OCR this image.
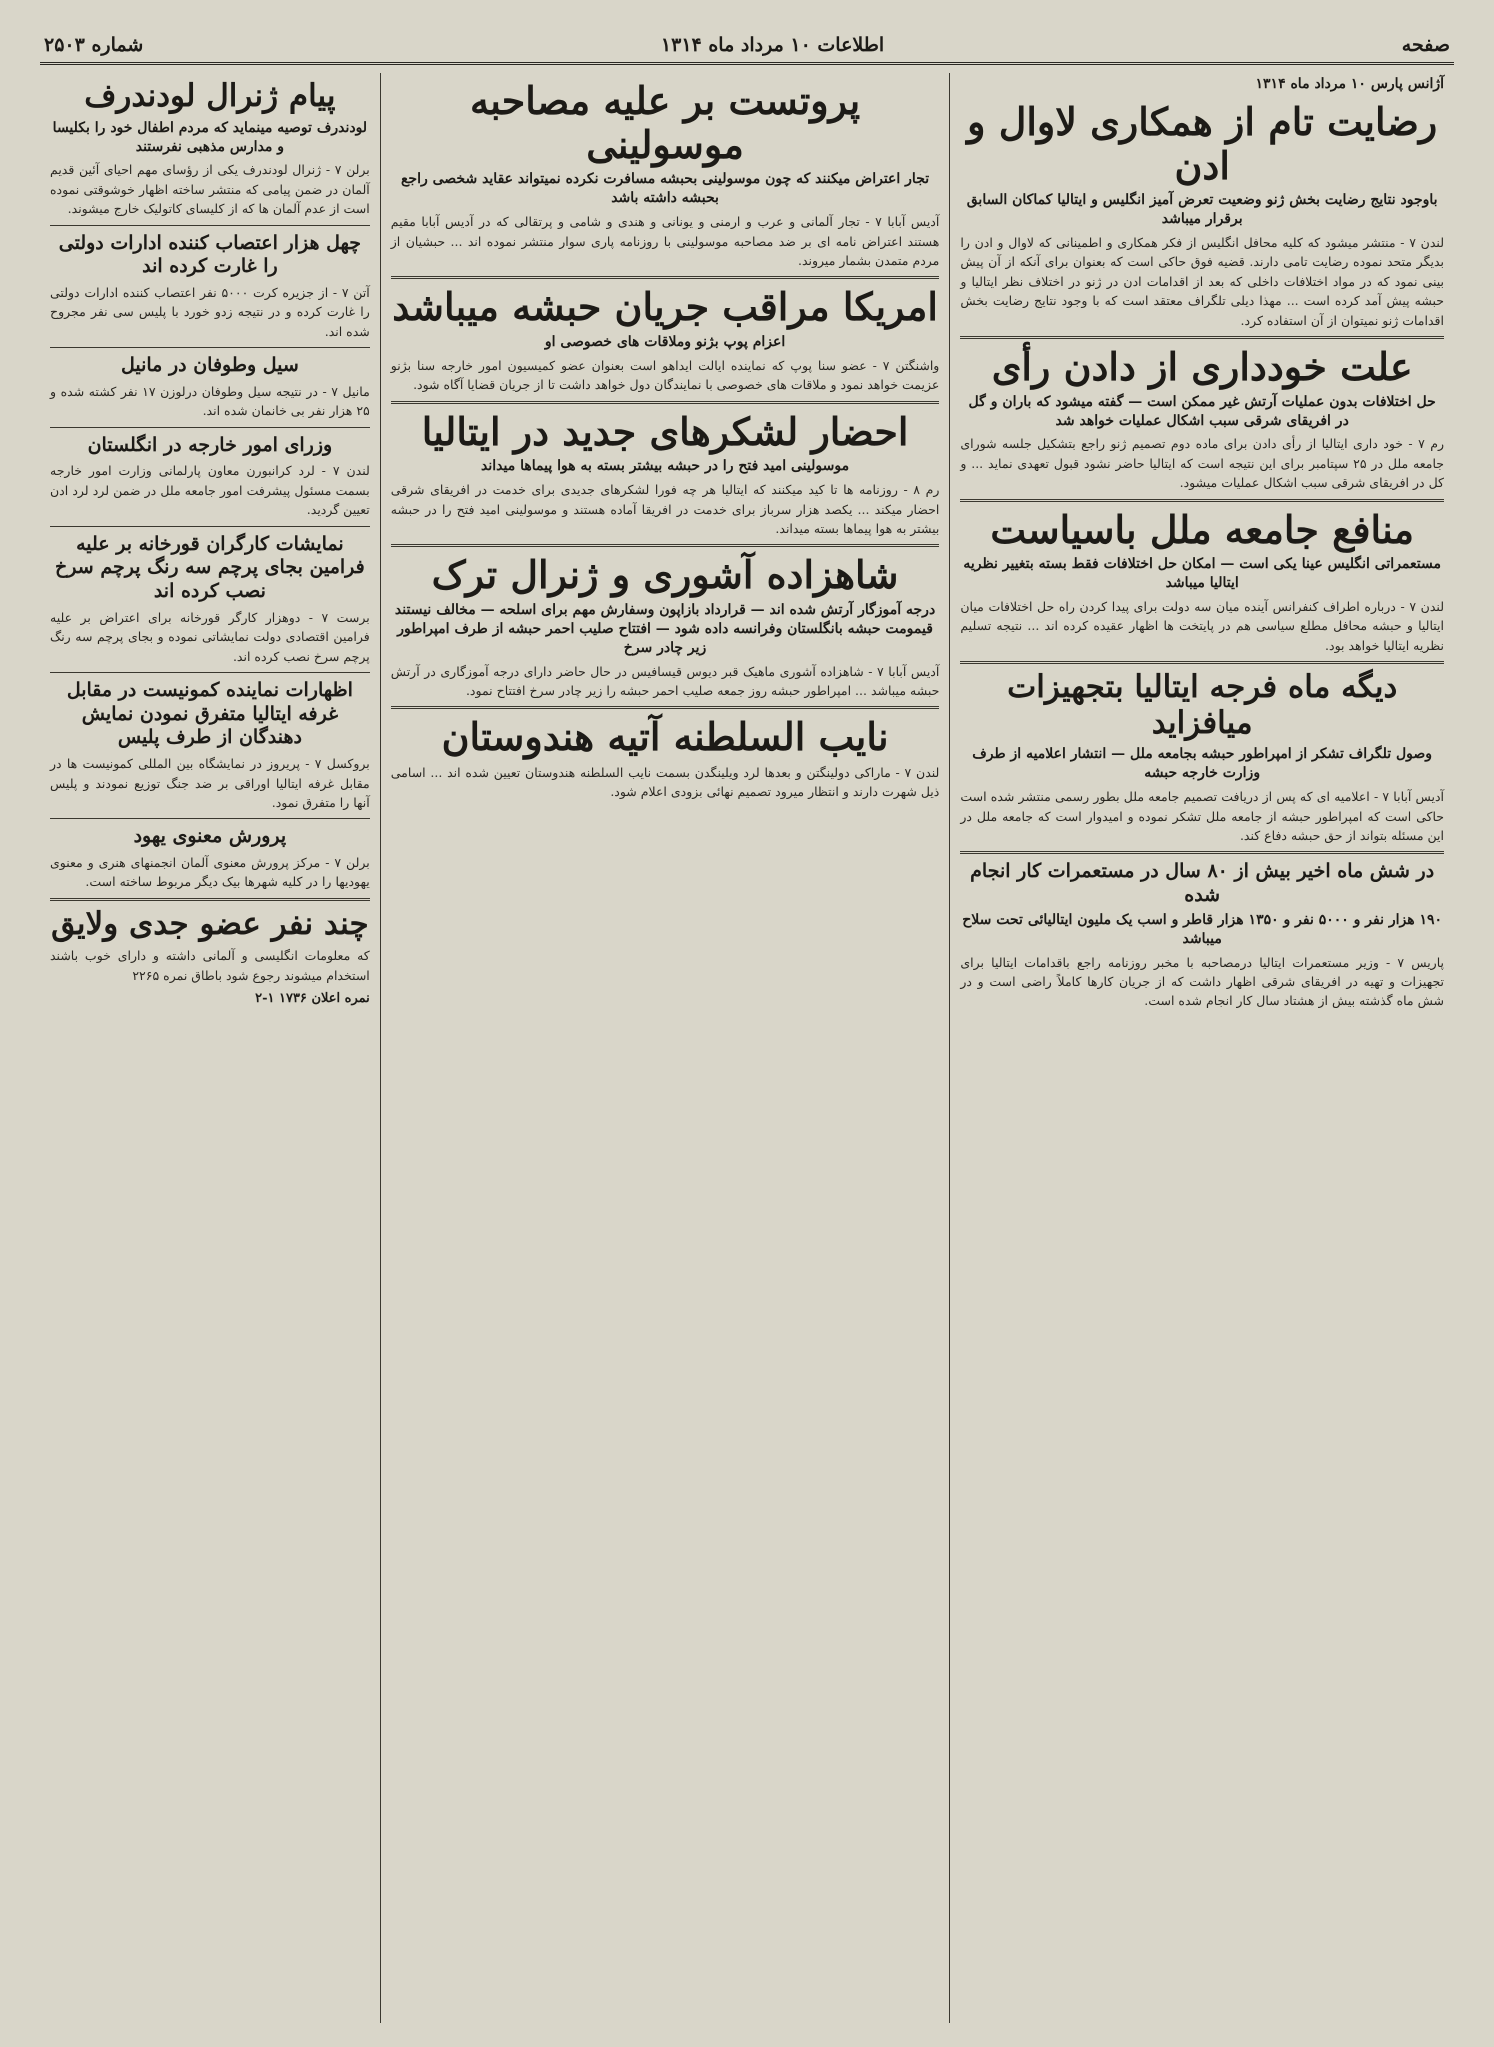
صفحه
اطلاعات ۱۰ مرداد ماه ۱۳۱۴
شماره ۲۵۰۳
آژانس پارس ۱۰ مرداد ماه ۱۳۱۴
رضایت تام از همکاری لاوال و ادن
باوجود نتایج رضایت بخش ژنو وضعیت تعرض آمیز انگلیس و ایتالیا کماکان السابق برقرار میباشد
لندن ۷ - منتشر میشود که کلیه محافل انگلیس از فکر همکاری و اطمینانی که لاوال و ادن را بدیگر متحد نموده رضایت تامی دارند. قضیه فوق حاکی است که بعنوان برای آنکه از آن پیش بینی نمود که در مواد اختلافات داخلی که بعد از اقدامات ادن در ژنو در اختلاف نظر ایتالیا و حبشه پیش آمد کرده است ... مهذا دیلی تلگراف معتقد است که با وجود نتایج رضایت بخش اقدامات ژنو نمیتوان از آن استفاده کرد.
علت خودداری از دادن رأی
حل اختلافات بدون عملیات آرتش غیر ممکن است — گفته میشود که باران و گل در افریقای شرقی سبب اشکال عملیات خواهد شد
رم ۷ - خود داری ایتالیا از رأی دادن برای ماده دوم تصمیم ژنو راجع بتشکیل جلسه شورای جامعه ملل در ۲۵ سپتامبر برای این نتیجه است که ایتالیا حاضر نشود قبول تعهدی نماید ... و کل در افریقای شرقی سبب اشکال عملیات میشود.
منافع جامعه ملل باسیاست
مستعمراتی انگلیس عینا یکی است — امکان حل اختلافات فقط بسته بتغییر نظریه ایتالیا میباشد
لندن ۷ - درباره اطراف کنفرانس آینده میان سه دولت برای پیدا کردن راه حل اختلافات میان ایتالیا و حبشه محافل مطلع سیاسی هم در پایتخت ها اظهار عقیده کرده اند ... نتیجه تسلیم نظریه ایتالیا خواهد بود.
دیگه ماه فرجه ایتالیا بتجهیزات میافزاید
وصول تلگراف تشکر از امپراطور حبشه بجامعه ملل — انتشار اعلامیه از طرف وزارت خارجه حبشه
آدیس آبابا ۷ - اعلامیه ای که پس از دریافت تصمیم جامعه ملل بطور رسمی منتشر شده است حاکی است که امپراطور حبشه از جامعه ملل تشکر نموده و امیدوار است که جامعه ملل در این مسئله بتواند از حق حبشه دفاع کند.
در شش ماه اخیر بیش از ۸۰ سال در مستعمرات کار انجام شده
۱۹۰ هزار نفر و ۵۰۰۰ نفر و ۱۳۵۰ هزار قاطر و اسب یک ملیون ایتالیائی تحت سلاح میباشد
پاریس ۷ - وزیر مستعمرات ایتالیا درمصاحبه با مخبر روزنامه راجع باقدامات ایتالیا برای تجهیزات و تهیه در افریقای شرقی اظهار داشت که از جریان کارها کاملاً راضی است و در شش ماه گذشته بیش از هشتاد سال کار انجام شده است.
پروتست بر علیه مصاحبه موسولینی
تجار اعتراض میکنند که چون موسولینی بحبشه مسافرت نکرده نمیتواند عقاید شخصی راجع بحبشه داشته باشد
آدیس آبابا ۷ - تجار آلمانی و عرب و ارمنی و یونانی و هندی و شامی و پرتقالی که در آدیس آبابا مقیم هستند اعتراض نامه ای بر ضد مصاحبه موسولینی با روزنامه پاری سوار منتشر نموده اند ... حبشیان از مردم متمدن بشمار میروند.
امریکا مراقب جریان حبشه میباشد
اعزام پوپ بژنو وملاقات های خصوصی او
واشنگتن ۷ - عضو سنا پوپ که نماینده ایالت ایداهو است بعنوان عضو کمیسیون امور خارجه سنا بژنو عزیمت خواهد نمود و ملاقات های خصوصی با نمایندگان دول خواهد داشت تا از جریان قضایا آگاه شود.
احضار لشکرهای جدید در ایتالیا
موسولینی امید فتح را در حبشه بیشتر بسته به هوا پیماها میداند
رم ۸ - روزنامه ها تا کید میکنند که ایتالیا هر چه فورا لشکرهای جدیدی برای خدمت در افریقای شرقی احضار میکند ... یکصد هزار سرباز برای خدمت در افریقا آماده هستند و موسولینی امید فتح را در حبشه بیشتر به هوا پیماها بسته میداند.
شاهزاده آشوری و ژنرال ترک
درجه آموزگار آرتش شده اند — قرارداد بازاپون وسفارش مهم برای اسلحه — مخالف نیستند قیمومت حبشه بانگلستان وفرانسه داده شود — افتتاح صلیب احمر حبشه از طرف امپراطور زیر چادر سرخ
آدیس آبابا ۷ - شاهزاده آشوری ماهیک قبر دیوس قیسافیس در حال حاضر دارای درجه آموزگاری در آرتش حبشه میباشد ... امپراطور حبشه روز جمعه صلیب احمر حبشه را زیر چادر سرخ افتتاح نمود.
نایب السلطنه آتیه هندوستان
لندن ۷ - ماراکی دولینگتن و بعدها لرد ویلینگدن بسمت نایب السلطنه هندوستان تعیین شده اند ... اسامی ذیل شهرت دارند و انتظار میرود تصمیم نهائی بزودی اعلام شود.
پیام ژنرال لودندرف
لودندرف توصیه مینماید که مردم اطفال خود را بکلیسا و مدارس مذهبی نفرستند
برلن ۷ - ژنرال لودندرف یکی از رؤسای مهم احیای آئین قدیم آلمان در ضمن پیامی که منتشر ساخته اظهار خوشوقتی نموده است از عدم آلمان ها که از کلیسای کاتولیک خارج میشوند.
چهل هزار اعتصاب کننده ادارات دولتی را غارت کرده اند
آتن ۷ - از جزیره کرت ۵۰۰۰ نفر اعتصاب کننده ادارات دولتی را غارت کرده و در نتیجه زدو خورد با پلیس سی نفر مجروح شده اند.
سیل وطوفان در مانیل
مانیل ۷ - در نتیجه سیل وطوفان درلوزن ۱۷ نفر کشته شده و ۲۵ هزار نفر بی خانمان شده اند.
وزرای امور خارجه در انگلستان
لندن ۷ - لرد کرانبورن معاون پارلمانی وزارت امور خارجه بسمت مسئول پیشرفت امور جامعه ملل در ضمن لرد لرد ادن تعیین گردید.
نمایشات کارگران قورخانه بر علیه فرامین بجای پرچم سه رنگ پرچم سرخ نصب کرده اند
برست ۷ - دوهزار کارگر قورخانه برای اعتراض بر علیه فرامین اقتصادی دولت نمایشاتی نموده و بجای پرچم سه رنگ پرچم سرخ نصب کرده اند.
اظهارات نماینده کمونیست در مقابل غرفه ایتالیا متفرق نمودن نمایش دهندگان از طرف پلیس
بروکسل ۷ - پریروز در نمایشگاه بین المللی کمونیست ها در مقابل غرفه ایتالیا اوراقی بر ضد جنگ توزیع نمودند و پلیس آنها را متفرق نمود.
پرورش معنوی یهود
برلن ۷ - مرکز پرورش معنوی آلمان انجمنهای هنری و معنوی یهودیها را در کلیه شهرها بیک دیگر مربوط ساخته است.
چند نفر عضو جدی ولایق
که معلومات انگلیسی و آلمانی داشته و دارای خوب باشند استخدام میشوند رجوع شود باطاق نمره ۲۲۶۵
نمره اعلان ۱۷۳۶ ۱-۲
